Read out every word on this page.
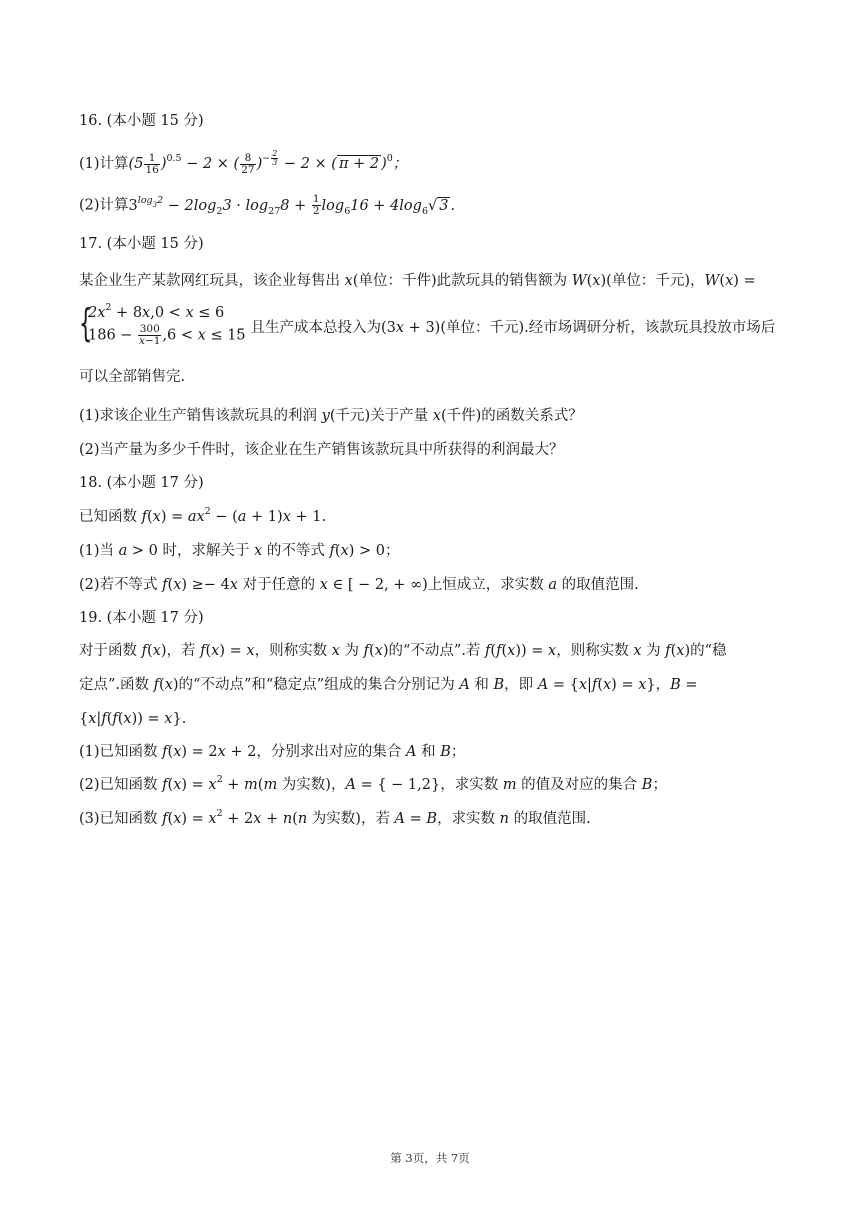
16. (本小题 15 分)
(1)计算$(5 \frac{1}{16} )^{0.5} - 2$ × ( $\frac{8}{27} )^{- \frac{2}{3}} - 2$ × ( π + 2 )$^0$；
(2)计算$3^{log_32} - 2\log_23 \cdot \log_{27}8 + \frac{1}{2} \log_616 + 4\log_6√$ 3 .
17. (本小题 15 分)
某企业生产某款网红玩具，该企业每售出 x(单位：千件)此款玩具的销售额为 W(x)(单位：千元)，W(x) =
{
$2x^2 + 8x,0 < x \le 6$
$186 - \frac{300}{x-1} ,6 < x \le 15$
，且生产成本总投入为(3x + 3)(单位：千元).经市场调研分析，该款玩具投放市场后
可以全部销售完.
(1)求该企业生产销售该款玩具的利润 y(千元)关于产量 x(千件)的函数关系式？
(2)当产量为多少千件时，该企业在生产销售该款玩具中所获得的利润最大？
18. (本小题 17 分)
已知函数 $f(x) = ax^2 - (a + 1)x + 1$.
(1)当 a > 0 时，求解关于 x 的不等式 f(x) > 0；
(2)若不等式 f(x) ≥− 4x 对于任意的 x ∈ [ − 2, + ∞)上恒成立，求实数 a 的取值范围.
19. (本小题 17 分)
对于函数 f(x)，若 f(x) = x，则称实数 x 为 f(x)的“不动点”.若 f(f(x)) = x，则称实数 x 为 f(x)的“稳
定点”.函数 f(x)的“不动点”和“稳定点”组成的集合分别记为 A 和 B，即 A = {x|f(x) = x}，B =
{x|f(f(x)) = x}.
(1)已知函数 f(x) = 2x + 2，分别求出对应的集合 A 和 B；
(2)已知函数 $f(x) = x^2 + m(m$ 为实数)，A = { − 1,2}，求实数 m 的值及对应的集合 B；
(3)已知函数 $f(x) = x^2 + 2x + n(n$ 为实数)，若 A = B，求实数 n 的取值范围.
第 3页，共 7页
